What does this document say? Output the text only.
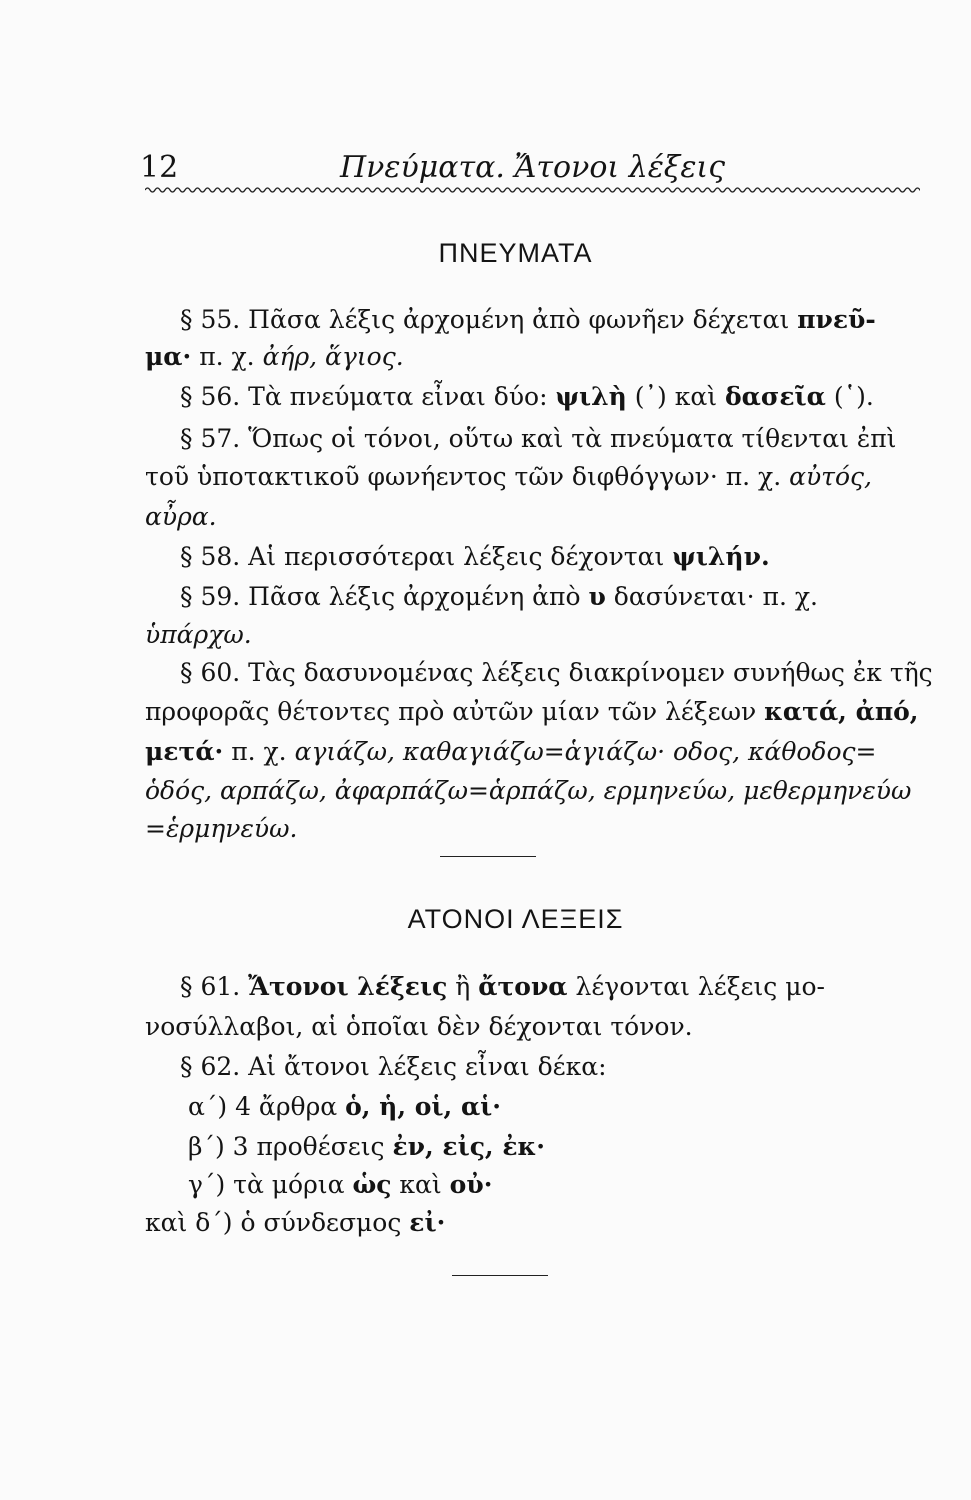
12	Πνεύματα. Ἄτονοι λέξεις
ΠΝΕΥΜΑΤΑ
§ 55. Πᾶσα λέξις ἀρχομένη ἀπὸ φωνῆεν δέχεται πνεῦ-
μα· π. χ. ἀήρ, ἅγιος.
§ 56. Τὰ πνεύματα εἶναι δύο: ψιλὴ (᾿) καὶ δασεῖα (῾).
§ 57. Ὅπως οἱ τόνοι, οὕτω καὶ τὰ πνεύματα τίθενται ἐπὶ
τοῦ ὑποτακτικοῦ φωνήεντος τῶν διφθόγγων· π. χ. αὐτός,
αὖρα.
§ 58. Αἱ περισσότεραι λέξεις δέχονται ψιλήν.
§ 59. Πᾶσα λέξις ἀρχομένη ἀπὸ υ δασύνεται· π. χ.
ὑπάρχω.
§ 60. Τὰς δασυνομένας λέξεις διακρίνομεν συνήθως ἐκ τῆς
προφορᾶς θέτοντες πρὸ αὐτῶν μίαν τῶν λέξεων κατά, ἀπό,
μετά· π. χ. αγιάζω, καθαγιάζω=ἁγιάζω· οδος, κάθοδος=
ὁδός, αρπάζω, ἀφαρπάζω=ἁρπάζω, ερμηνεύω, μεθερμηνεύω
=ἑρμηνεύω.
ΑΤΟΝΟΙ ΛΕΞΕΙΣ
§ 61. Ἄτονοι λέξεις ἢ ἄτονα λέγονται λέξεις μο-
νοσύλλαβοι, αἱ ὁποῖαι δὲν δέχονται τόνον.
§ 62. Αἱ ἄτονοι λέξεις εἶναι δέκα:
α΄) 4 ἄρθρα ὁ, ἡ, οἱ, αἱ·
β΄) 3 προθέσεις ἐν, εἰς, ἐκ·
γ΄) τὰ μόρια ὡς καὶ οὐ·
καὶ δ΄) ὁ σύνδεσμος εἰ·
